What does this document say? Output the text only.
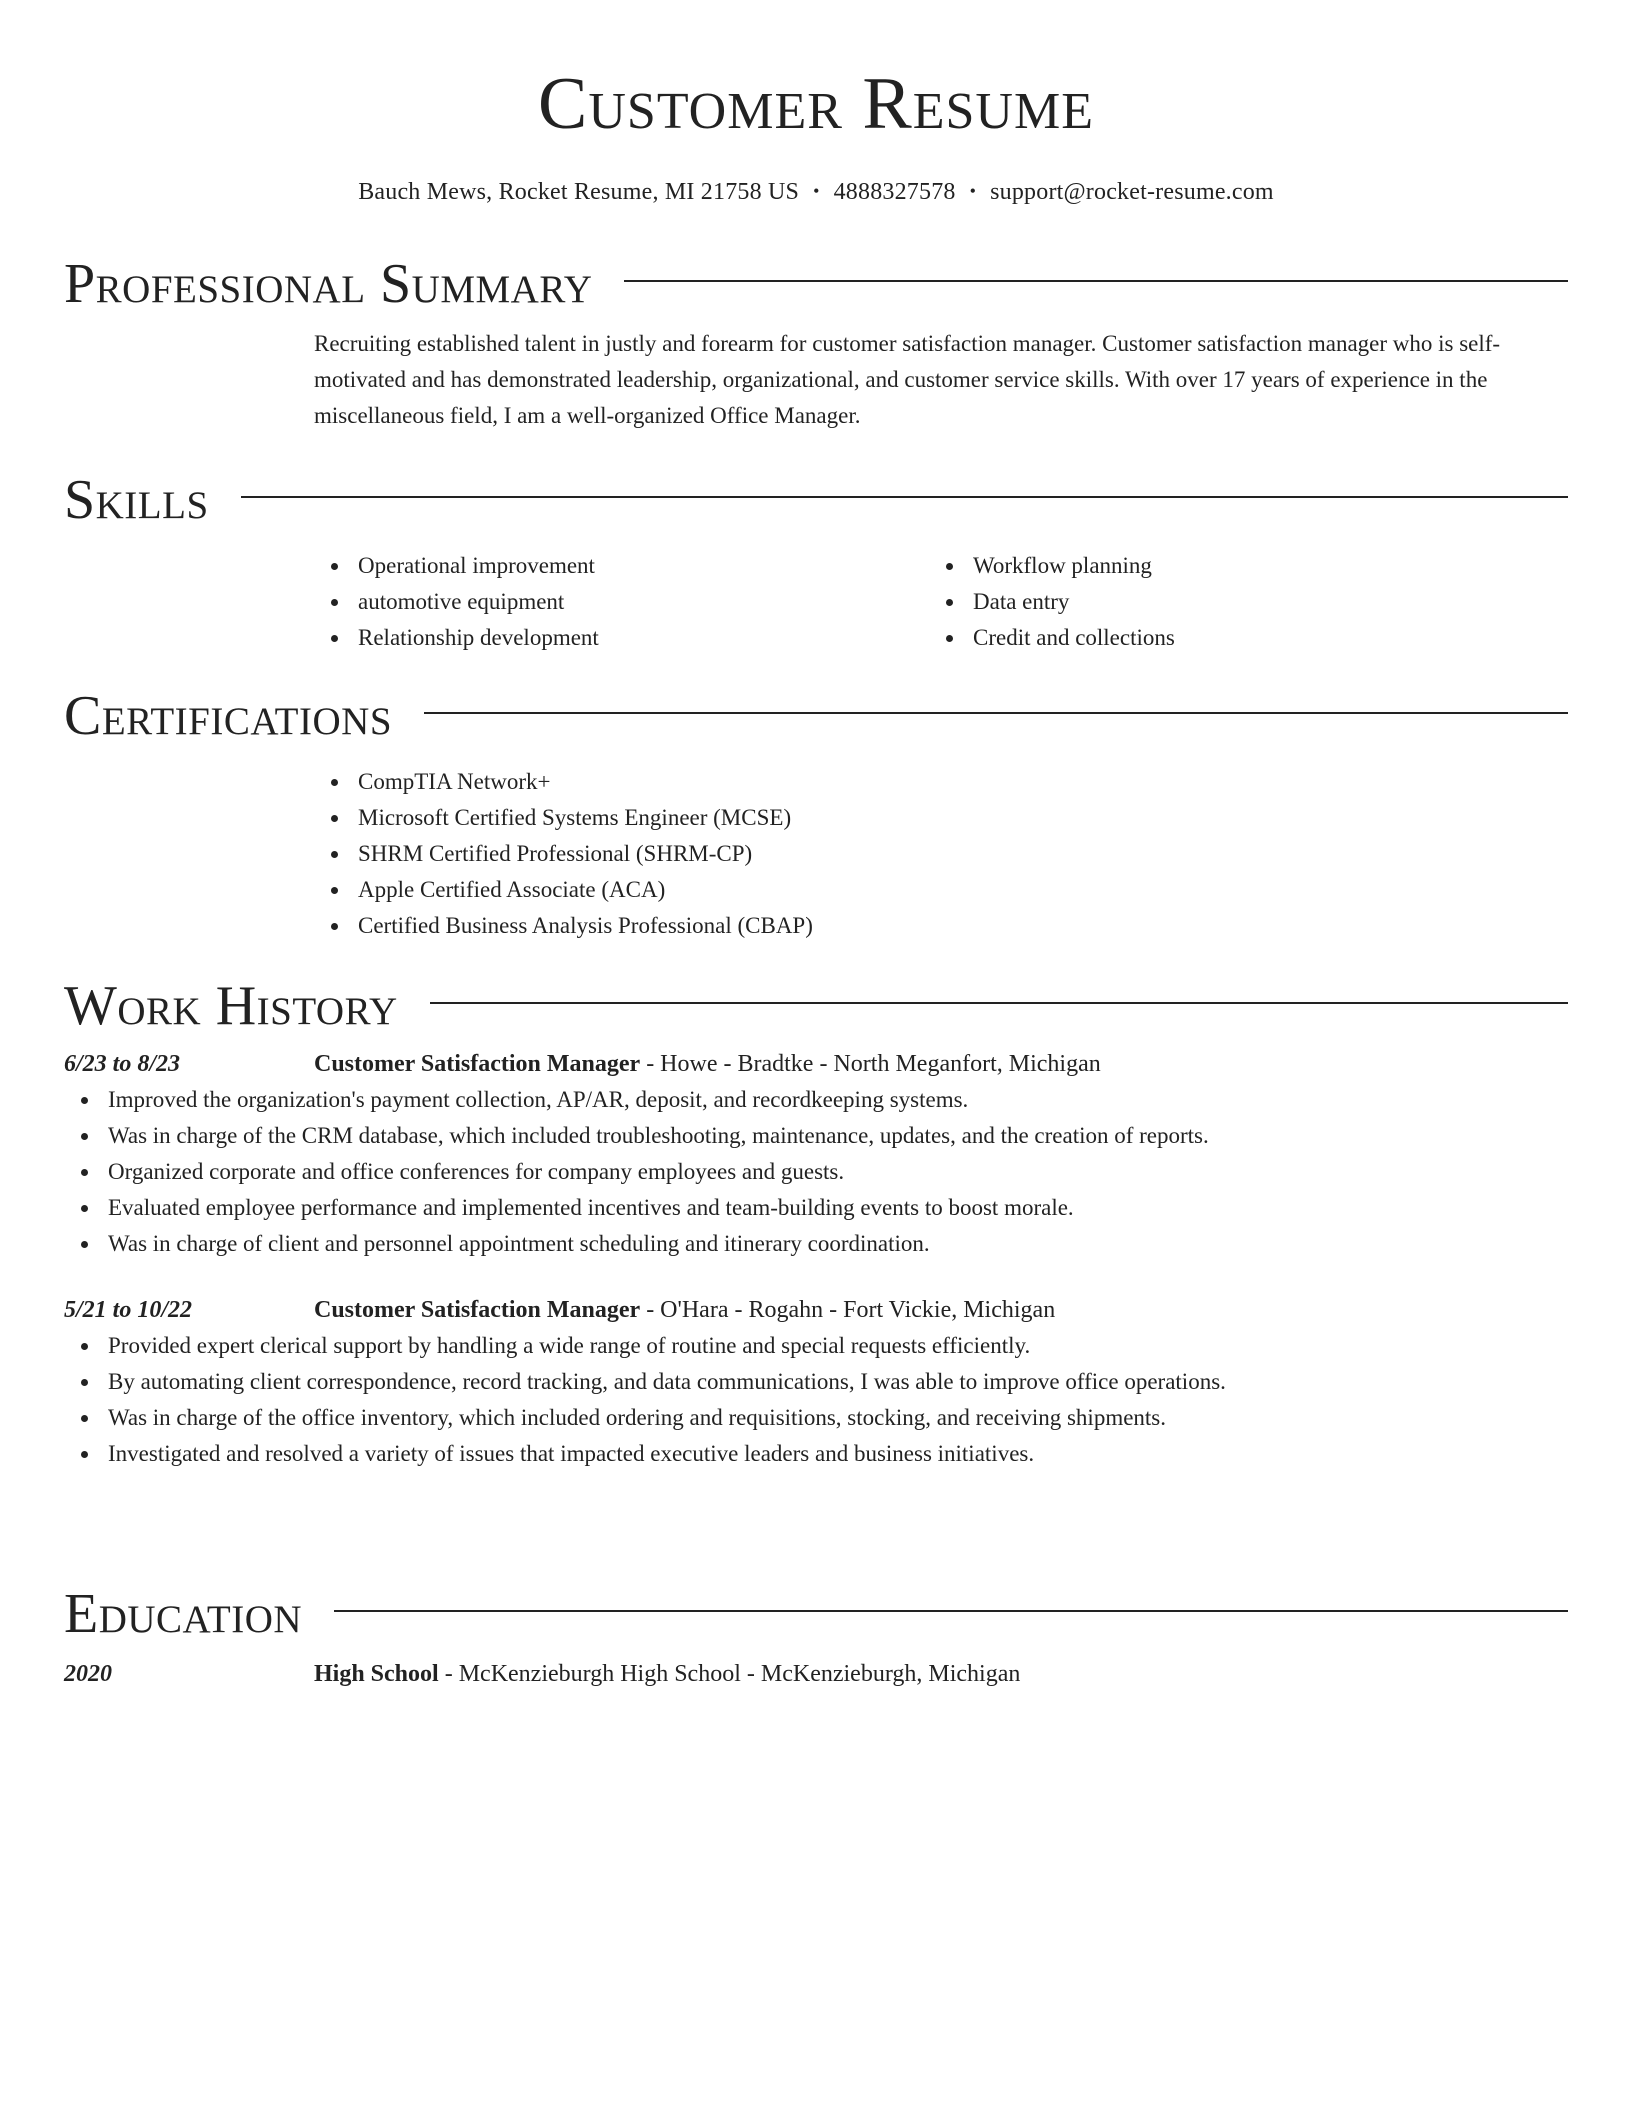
Customer Resume
Bauch Mews, Rocket Resume, MI 21758 US • 4888327578 • support@rocket-resume.com
Professional Summary

Recruiting established talent in justly and forearm for customer satisfaction manager. Customer satisfaction manager who is self-motivated and has demonstrated leadership, organizational, and customer service skills. With over 17 years of experience in the miscellaneous field, I am a well-organized Office Manager.

Skills
Operational improvement
automotive equipment
Relationship development
Workflow planning
Data entry
Credit and collections
Certifications
CompTIA Network+
Microsoft Certified Systems Engineer (MCSE)
SHRM Certified Professional (SHRM-CP)
Apple Certified Associate (ACA)
Certified Business Analysis Professional (CBAP)
Work History
6/23 to 8/23	Customer Satisfaction Manager - Howe - Bradtke - North Meganfort, Michigan
Improved the organization's payment collection, AP/AR, deposit, and recordkeeping systems.
Was in charge of the CRM database, which included troubleshooting, maintenance, updates, and the creation of reports.
Organized corporate and office conferences for company employees and guests.
Evaluated employee performance and implemented incentives and team-building events to boost morale.
Was in charge of client and personnel appointment scheduling and itinerary coordination.
5/21 to 10/22	Customer Satisfaction Manager - O'Hara - Rogahn - Fort Vickie, Michigan
Provided expert clerical support by handling a wide range of routine and special requests efficiently.
By automating client correspondence, record tracking, and data communications, I was able to improve office operations.
Was in charge of the office inventory, which included ordering and requisitions, stocking, and receiving shipments.
Investigated and resolved a variety of issues that impacted executive leaders and business initiatives.
Education
2020	High School - McKenzieburgh High School - McKenzieburgh, Michigan
